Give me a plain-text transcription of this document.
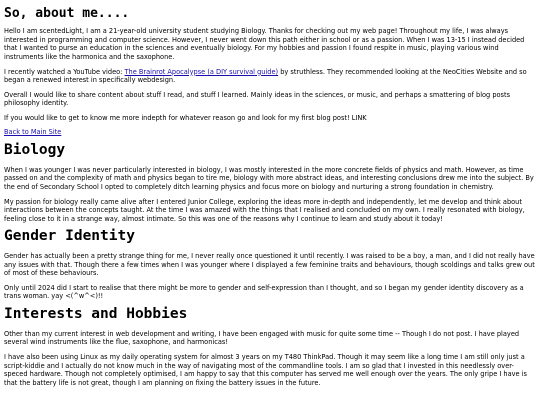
So, about me....

Hello I am scentedLight, I am a 21-year-old university student studying Biology. Thanks for checking out my web page! Throughout my life, I was always interested in programming and computer science. However, I never went down this path either in school or as a passion. When I was 13-15 I instead decided that I wanted to purse an education in the sciences and eventually biology. For my hobbies and passion I found respite in music, playing various wind instruments like the harmonica and the saxophone.

I recently watched a YouTube video: The Brainrot Apocalypse (a DIY survival guide) by struthless. They recommended looking at the NeoCities Website and so began a renewed interest in specifically webdesign.

Overall I would like to share content about stuff I read, and stuff I learned. Mainly ideas in the sciences, or music, and perhaps a smattering of blog posts philosophy identity.

If you would like to get to know me more indepth for whatever reason go and look for my first blog post! LINK

Back to Main Site

Biology

When I was younger I was never particularly interested in biology, I was mostly interested in the more concrete fields of physics and math. However, as time passed on and the complexity of math and physics began to tire me, biology with more abstract ideas, and interesting conclusions drew me into the subject. By the end of Secondary School I opted to completely ditch learning physics and focus more on biology and nurturing a strong foundation in chemistry.

My passion for biology really came alive after I entered Junior College, exploring the ideas more in-depth and independently, let me develop and think about interactions between the concepts taught. At the time I was amazed with the things that I realised and concluded on my own. I really resonated with biology, feeling close to it in a strange way, almost intimate. So this was one of the reasons why I continue to learn and study about it today!

Gender Identity

Gender has actually been a pretty strange thing for me, I never really once questioned it until recently. I was raised to be a boy, a man, and I did not really have any issues with that. Though there a few times when I was younger where I displayed a few feminine traits and behaviours, though scoldings and talks grew out of most of these behaviours.

Only until 2024 did I start to realise that there might be more to gender and self-expression than I thought, and so I began my gender identity discovery as a trans woman. yay <(^w^<)!!

Interests and Hobbies

Other than my current interest in web development and writing, I have been engaged with music for quite some time -- Though I do not post. I have played several wind instruments like the flue, saxophone, and harmonicas!

I have also been using Linux as my daily operating system for almost 3 years on my T480 ThinkPad. Though it may seem like a long time I am still only just a script-kiddie and I actually do not know much in the way of navigating most of the commandline tools. I am so glad that I invested in this needlessly over-speced hardware. Though not completely optimised, I am happy to say that this computer has served me well enough over the years. The only gripe I have is that the battery life is not great, though I am planning on fixing the battery issues in the future.
